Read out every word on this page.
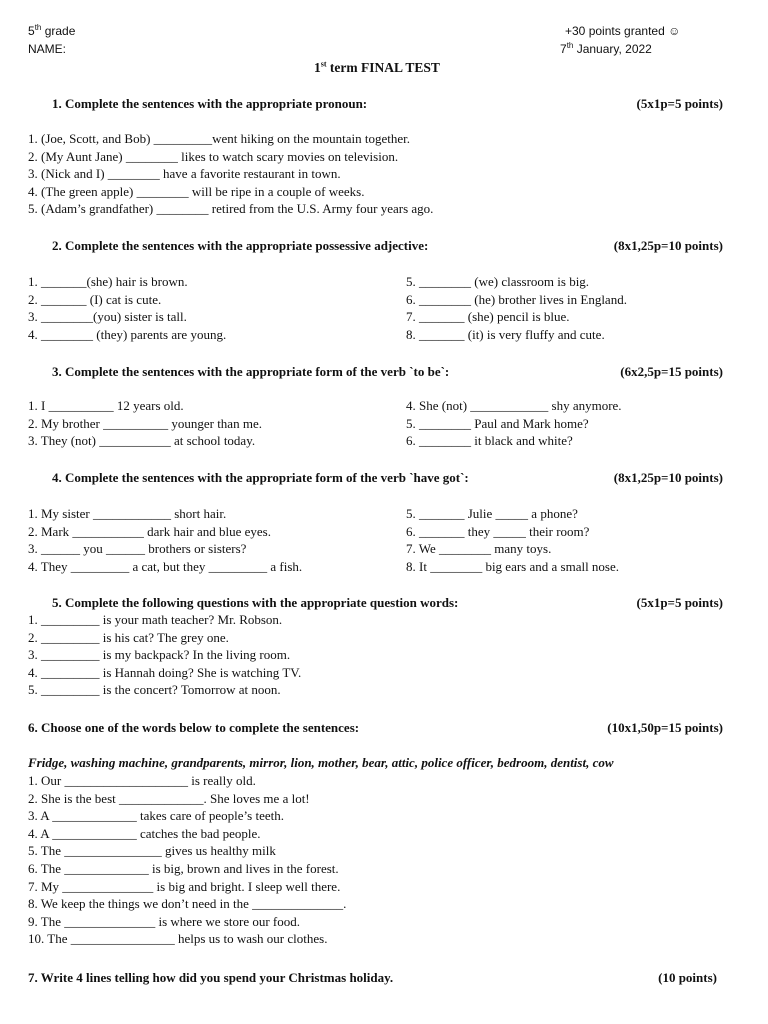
5th grade
NAME:
+30 points granted ☺
7th January, 2022
1st term FINAL TEST
1. Complete the sentences with the appropriate pronoun:	(5x1p=5 points)
1. (Joe, Scott, and Bob) _________went hiking on the mountain together.
2. (My Aunt Jane) ________ likes to watch scary movies on television.
3. (Nick and I) ________ have a favorite restaurant in town.
4. (The green apple) ________ will be ripe in a couple of weeks.
5. (Adam’s grandfather) ________ retired from the U.S. Army four years ago.
2. Complete the sentences with the appropriate possessive adjective:	(8x1,25p=10 points)
1. _______(she) hair is brown.
2. _______ (I) cat is cute.
3. ________(you) sister is tall.
4. ________ (they) parents are young.
5. ________ (we) classroom is big.
6. ________ (he) brother lives in England.
7. _______ (she) pencil is blue.
8. _______ (it) is very fluffy and cute.
3. Complete the sentences with the appropriate form of the verb `to be`:	(6x2,5p=15 points)
1. I __________ 12 years old.
2. My brother __________ younger than me.
3. They (not) ___________ at school today.
4. She (not) ____________ shy anymore.
5. ________ Paul and Mark home?
6. ________ it black and white?
4. Complete the sentences with the appropriate form of the verb `have got`:	(8x1,25p=10 points)
1. My sister ____________ short hair.
2. Mark ___________ dark hair and blue eyes.
3. ______ you ______ brothers or sisters?
4. They _________ a cat, but they _________ a fish.
5. _______ Julie _____ a phone?
6. _______ they _____ their room?
7. We ________ many toys.
8. It ________ big ears and a small nose.
5. Complete the following questions with the appropriate question words:	(5x1p=5 points)
1. _________ is your math teacher? Mr. Robson.
2. _________ is his cat? The grey one.
3. _________ is my backpack? In the living room.
4. _________ is Hannah doing? She is watching TV.
5. _________ is the concert? Tomorrow at noon.
6. Choose one of the words below to complete the sentences:	(10x1,50p=15 points)
Fridge, washing machine, grandparents, mirror, lion, mother, bear, attic, police officer, bedroom, dentist, cow
1. Our ___________________ is really old.
2. She is the best _____________. She loves me a lot!
3. A _____________ takes care of people’s teeth.
4. A _____________ catches the bad people.
5. The _______________ gives us healthy milk
6. The _____________ is big, brown and lives in the forest.
7. My ______________ is big and bright. I sleep well there.
8. We keep the things we don’t need in the ______________.
9. The ______________ is where we store our food.
10. The ________________ helps us to wash our clothes.
7. Write 4 lines telling how did you spend your Christmas holiday.	(10 points)
